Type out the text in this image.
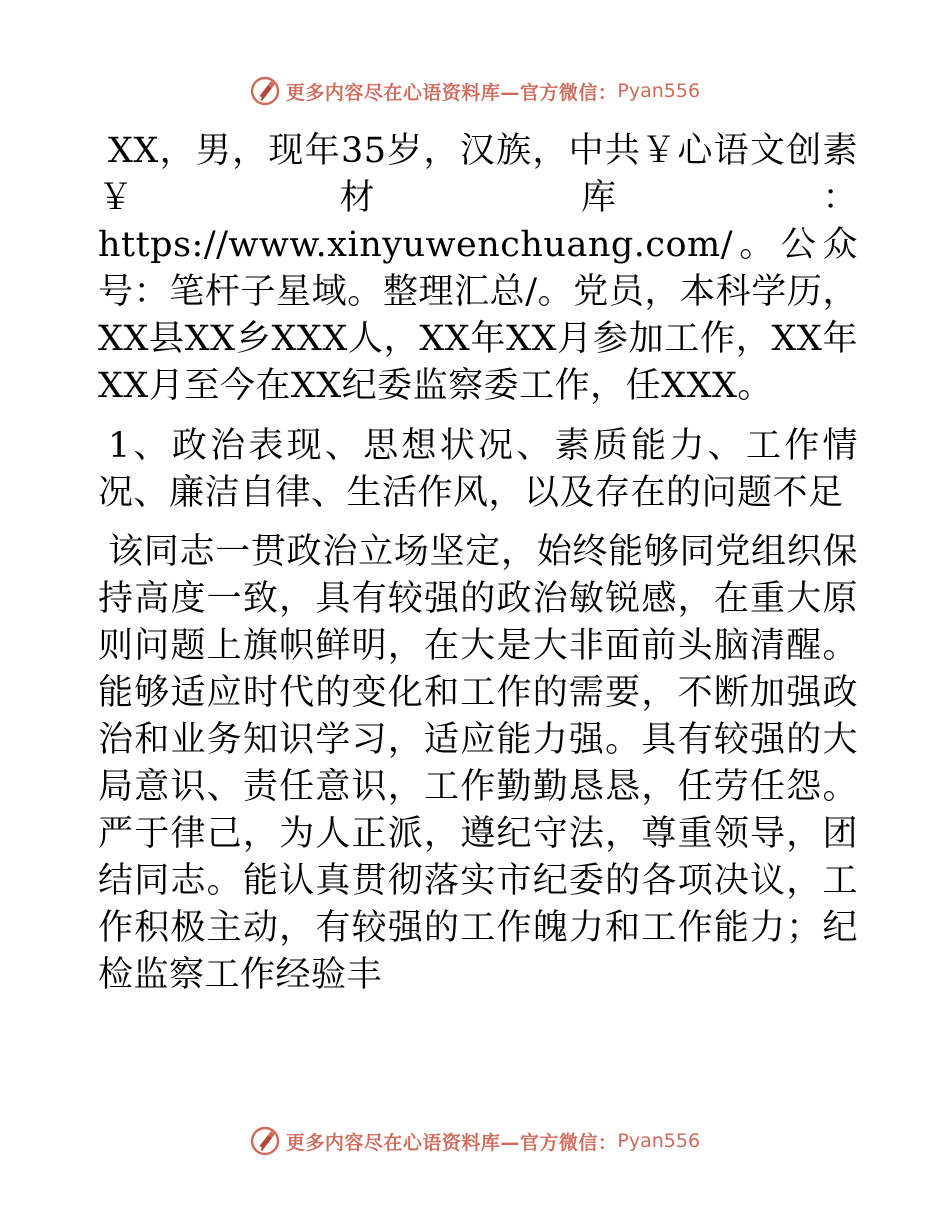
更多内容尽在心语资料库—官方微信： Pyan556

XX，男，现年35岁，汉族，中共￥心语文创素￥材库：https://www.xinyuwenchuang.com/。公众号：笔杆子星域。整理汇总/。党员，本科学历，XX县XX乡XXX人，XX年XX月参加工作，XX年XX月至今在XX纪委监察委工作，任XXX。

1、政治表现、思想状况、素质能力、工作情况、廉洁自律、生活作风，以及存在的问题不足

该同志一贯政治立场坚定，始终能够同党组织保持高度一致，具有较强的政治敏锐感，在重大原则问题上旗帜鲜明，在大是大非面前头脑清醒。能够适应时代的变化和工作的需要，不断加强政治和业务知识学习，适应能力强。具有较强的大局意识、责任意识，工作勤勤恳恳，任劳任怨。严于律己，为人正派，遵纪守法，尊重领导，团结同志。能认真贯彻落实市纪委的各项决议，工作积极主动，有较强的工作魄力和工作能力；纪检监察工作经验丰

更多内容尽在心语资料库—官方微信： Pyan556
